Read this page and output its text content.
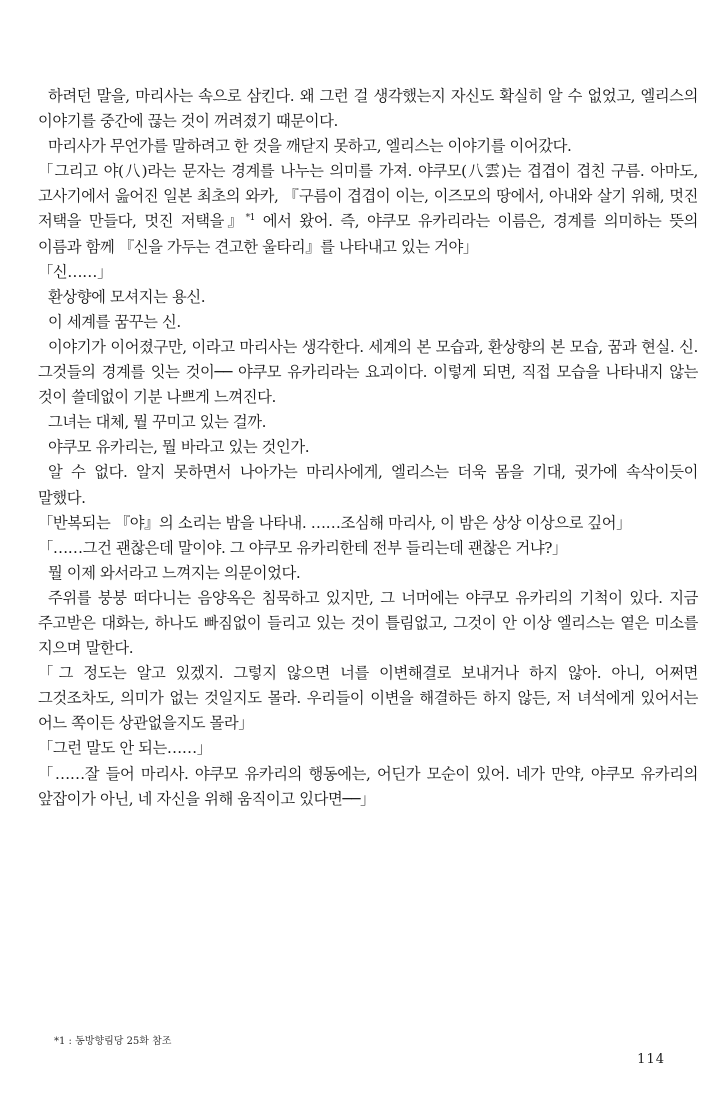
하려던 말을, 마리사는 속으로 삼킨다. 왜 그런 걸 생각했는지 자신도 확실히 알 수 없었고, 엘리스의 이야기를 중간에 끊는 것이 꺼려졌기 때문이다.

마리사가 무언가를 말하려고 한 것을 깨닫지 못하고, 엘리스는 이야기를 이어갔다.

「그리고 야(八)라는 문자는 경계를 나누는 의미를 가져. 야쿠모(八雲)는 겹겹이 겹친 구름. 아마도, 고사기에서 읊어진 일본 최초의 와카, 『구름이 겹겹이 이는, 이즈모의 땅에서, 아내와 살기 위해, 멋진 저택을 만들다, 멋진 저택을』$^{*1}$ 에서 왔어. 즉, 야쿠모 유카리라는 이름은, 경계를 의미하는 뜻의 이름과 함께 『신을 가두는 견고한 울타리』를 나타내고 있는 거야」

「신……」

환상향에 모셔지는 용신.

이 세계를 꿈꾸는 신.

이야기가 이어졌구만, 이라고 마리사는 생각한다. 세계의 본 모습과, 환상향의 본 모습, 꿈과 현실. 신. 그것들의 경계를 잇는 것이── 야쿠모 유카리라는 요괴이다. 이렇게 되면, 직접 모습을 나타내지 않는 것이 쓸데없이 기분 나쁘게 느껴진다.

그녀는 대체, 뭘 꾸미고 있는 걸까.

야쿠모 유카리는, 뭘 바라고 있는 것인가.

알 수 없다. 알지 못하면서 나아가는 마리사에게, 엘리스는 더욱 몸을 기대, 귓가에 속삭이듯이 말했다.

「반복되는 『야』의 소리는 밤을 나타내. ……조심해 마리사, 이 밤은 상상 이상으로 깊어」

「……그건 괜찮은데 말이야. 그 야쿠모 유카리한테 전부 들리는데 괜찮은 거냐?」

뭘 이제 와서라고 느껴지는 의문이었다.

주위를 붕붕 떠다니는 음양옥은 침묵하고 있지만, 그 너머에는 야쿠모 유카리의 기척이 있다. 지금 주고받은 대화는, 하나도 빠짐없이 들리고 있는 것이 틀림없고, 그것이 안 이상 엘리스는 옅은 미소를 지으며 말한다.

「그 정도는 알고 있겠지. 그렇지 않으면 너를 이변해결로 보내거나 하지 않아. 아니, 어쩌면 그것조차도, 의미가 없는 것일지도 몰라. 우리들이 이변을 해결하든 하지 않든, 저 녀석에게 있어서는 어느 쪽이든 상관없을지도 몰라」

「그런 말도 안 되는……」

「……잘 들어 마리사. 야쿠모 유카리의 행동에는, 어딘가 모순이 있어. 네가 만약, 야쿠모 유카리의 앞잡이가 아닌, 네 자신을 위해 움직이고 있다면──」

*1 : 동방향림당 25화 참조
114
